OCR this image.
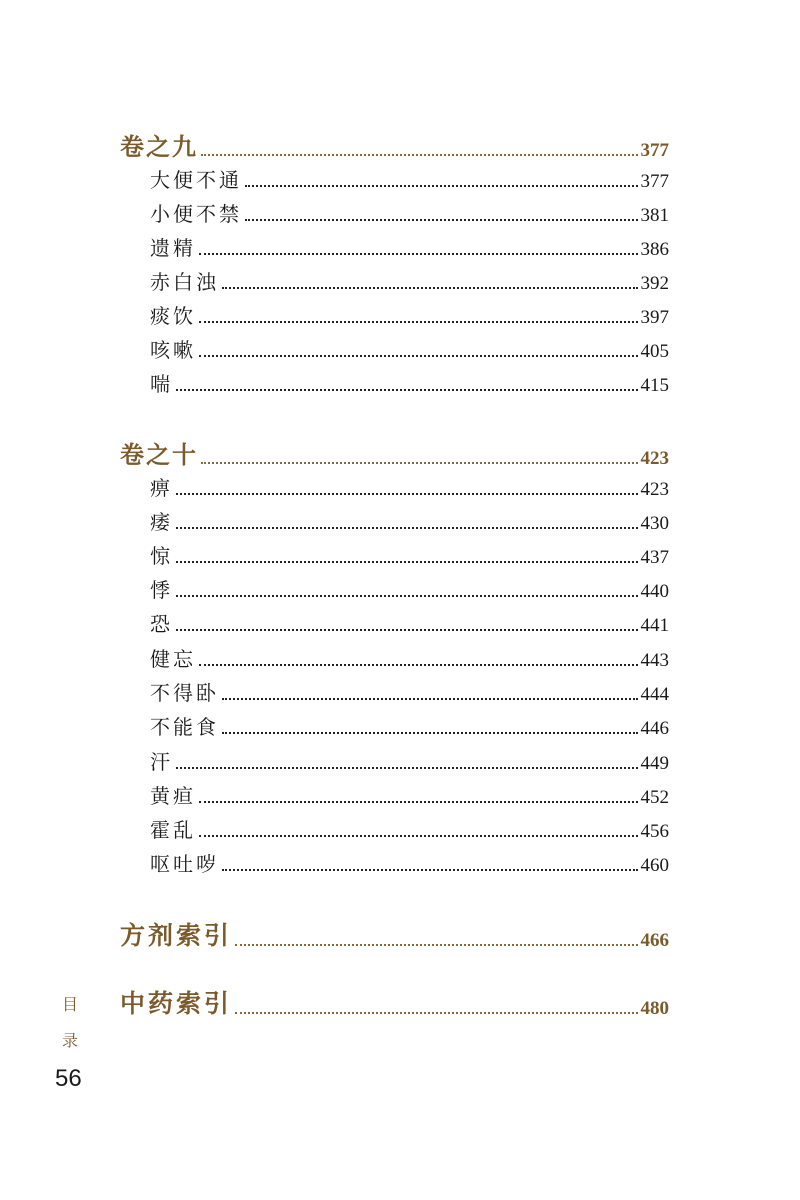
卷之九	377
大便不通	377
小便不禁	381
遗精	386
赤白浊	392
痰饮	397
咳嗽	405
喘	415
卷之十	423
痹	423
痿	430
惊	437
悸	440
恐	441
健忘	443
不得卧	444
不能食	446
汗	449
黄疸	452
霍乱	456
呕吐哕	460
方剂索引	466
中药索引	480
目
录
56
